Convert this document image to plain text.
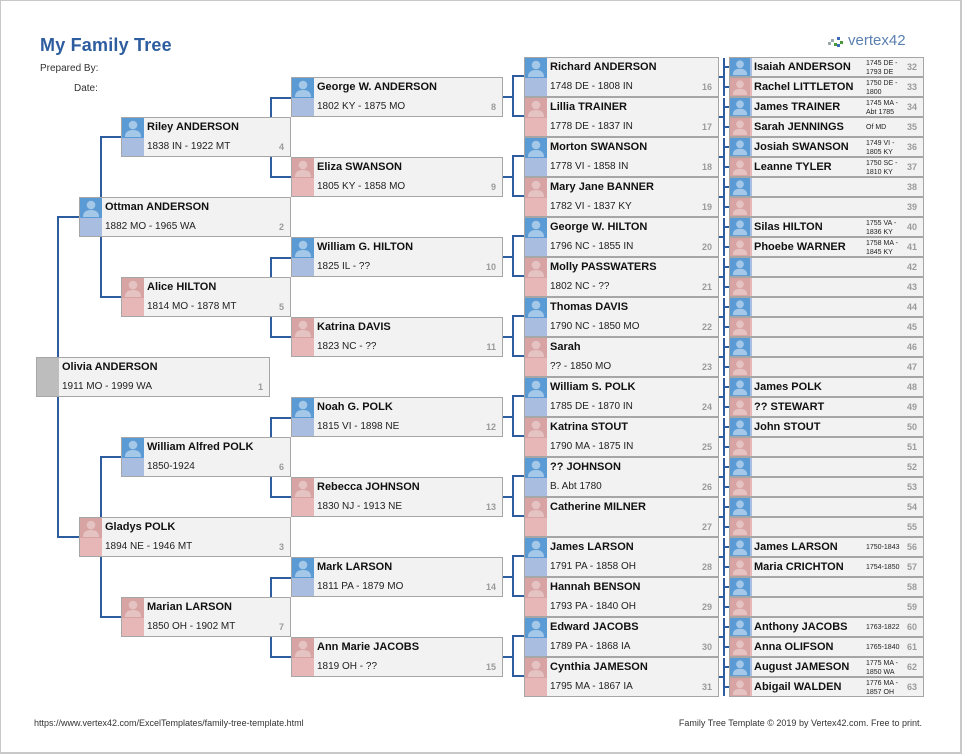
My Family Tree
Prepared By:
Date:
vertex42
Olivia ANDERSON
1911 MO - 1999 WA	1
Ottman ANDERSON
1882 MO - 1965 WA	2
Gladys POLK
1894 NE - 1946 MT	3
Riley ANDERSON
1838 IN - 1922 MT	4
Alice HILTON
1814 MO - 1878 MT	5
William Alfred POLK
1850-1924	6
Marian LARSON
1850 OH - 1902 MT	7
George W. ANDERSON
1802 KY - 1875 MO	8
Eliza SWANSON
1805 KY - 1858 MO	9
William G. HILTON
1825 IL - ??	10
Katrina DAVIS
1823 NC - ??	11
Noah G. POLK
1815 VI - 1898 NE	12
Rebecca JOHNSON
1830 NJ - 1913 NE	13
Mark LARSON
1811 PA - 1879 MO	14
Ann Marie JACOBS
1819 OH - ??	15
Richard ANDERSON
1748 DE - 1808 IN	16
Lillia TRAINER
1778 DE - 1837 IN	17
Morton SWANSON
1778 VI - 1858 IN	18
Mary Jane BANNER
1782 VI - 1837 KY	19
George W. HILTON
1796 NC - 1855 IN	20
Molly PASSWATERS
1802 NC - ??	21
Thomas DAVIS
1790 NC - 1850 MO	22
Sarah
?? - 1850 MO	23
William S. POLK
1785 DE - 1870 IN	24
Katrina STOUT
1790 MA - 1875 IN	25
?? JOHNSON
B. Abt 1780	26
Catherine MILNER
27
James LARSON
1791 PA - 1858 OH	28
Hannah BENSON
1793 PA - 1840 OH	29
Edward JACOBS
1789 PA - 1868 IA	30
Cynthia JAMESON
1795 MA - 1867 IA	31
Isaiah ANDERSON 1745 DE -
1793 DE
32
Rachel LITTLETON 1750 DE -
1800
33
James TRAINER	1745 MA -
Abt 1785
34
Sarah JENNINGS	Of MD 35
Josiah SWANSON 1749 VI -
1805 KY
36
Leanne TYLER	1750 SC -
1810 KY
37

38

39
Silas HILTON	1755 VA -
1836 KY
40
Phoebe WARNER	1758 MA -
1845 KY
41

42

43

44

45

46

47
James POLK	48
?? STEWART	49
John STOUT	50

51

52

53

54

55
James LARSON	1750-1843 56
Maria CRICHTON	1754-1850 57

58

59
Anthony JACOBS	1763-1822 60
Anna OLIFSON	1765-1840 61
August JAMESON 1775 MA -
1850 WA
62
Abigail WALDEN	1776 MA -
1857 OH
63
https://www.vertex42.com/ExcelTemplates/family-tree-template.html	Family Tree Template © 2019 by Vertex42.com. Free to print.
